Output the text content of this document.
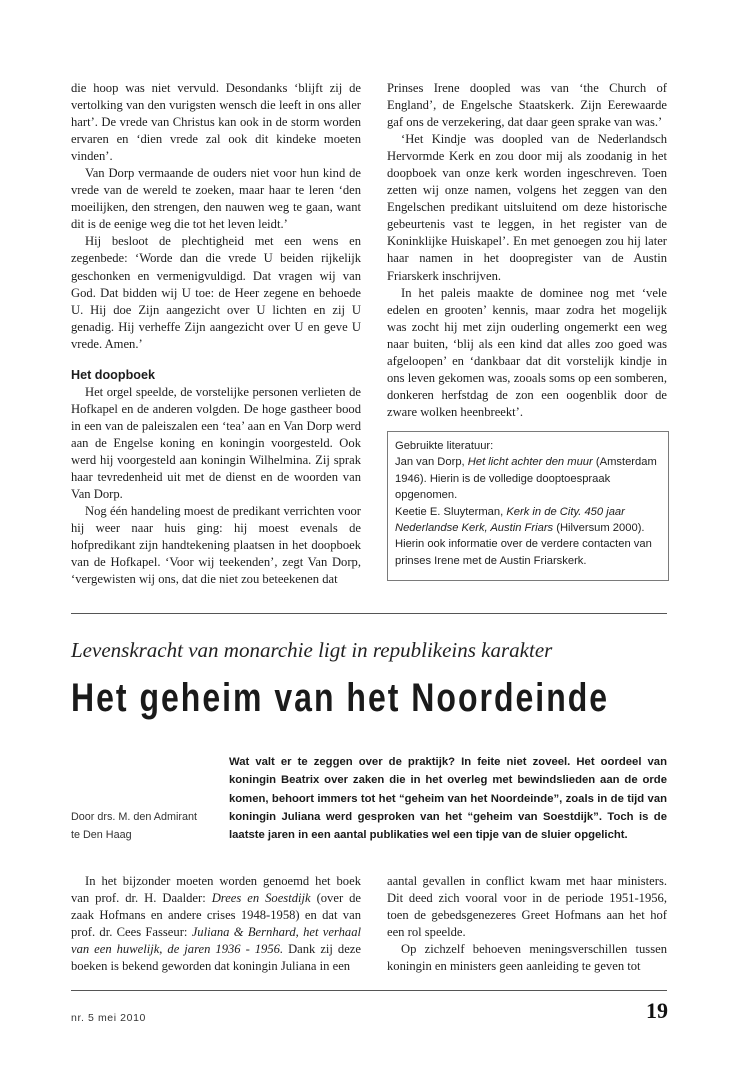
die hoop was niet vervuld. Desondanks ‘blijft zij de vertolking van den vurigsten wensch die leeft in ons aller hart’. De vrede van Christus kan ook in de storm worden ervaren en ‘dien vrede zal ook dit kindeke moeten vinden’.

Van Dorp vermaande de ouders niet voor hun kind de vrede van de wereld te zoeken, maar haar te leren ‘den moeilijken, den strengen, den nauwen weg te gaan, want dit is de eenige weg die tot het leven leidt.’

Hij besloot de plechtigheid met een wens en zegenbede: ‘Worde dan die vrede U beiden rijkelijk geschonken en vermenigvuldigd. Dat vragen wij van God. Dat bidden wij U toe: de Heer zegene en behoede U. Hij doe Zijn aangezicht over U lichten en zij U genadig. Hij verheffe Zijn aangezicht over U en geve U vrede. Amen.’

Het doopboek

Het orgel speelde, de vorstelijke personen verlieten de Hofkapel en de anderen volgden. De hoge gastheer bood in een van de paleiszalen een ‘tea’ aan en Van Dorp werd aan de Engelse koning en koningin voorgesteld. Ook werd hij voorgesteld aan koningin Wilhelmina. Zij sprak haar tevredenheid uit met de dienst en de woorden van Van Dorp.

Nog één handeling moest de predikant verrichten voor hij weer naar huis ging: hij moest evenals de hofpredikant zijn handtekening plaatsen in het doopboek van de Hofkapel. ‘Voor wij teekenden’, zegt Van Dorp, ‘vergewisten wij ons, dat die niet zou beteekenen dat

Prinses Irene doopled was van ‘the Church of England’, de Engelsche Staatskerk. Zijn Eerewaarde gaf ons de verzekering, dat daar geen sprake van was.’

‘Het Kindje was doopled van de Nederlandsch Hervormde Kerk en zou door mij als zoodanig in het doopboek van onze kerk worden ingeschreven. Toen zetten wij onze namen, volgens het zeggen van den Engelschen predikant uitsluitend om deze historische gebeurtenis vast te leggen, in het register van de Koninklijke Huiskapel’. En met genoegen zou hij later haar namen in het doopregister van de Austin Friarskerk inschrijven.

In het paleis maakte de dominee nog met ‘vele edelen en grooten’ kennis, maar zodra het mogelijk was zocht hij met zijn ouderling ongemerkt een weg naar buiten, ‘blij als een kind dat alles zoo goed was afgeloopen’ en ‘dankbaar dat dit vorstelijk kindje in ons leven gekomen was, zooals soms op een somberen, donkeren herfstdag de zon een oogenblik door de zware wolken heenbreekt’.

Gebruikte literatuur:

Jan van Dorp, Het licht achter den muur (Amsterdam 1946). Hierin is de volledige dooptoespraak opgenomen.

Keetie E. Sluyterman, Kerk in de City. 450 jaar Nederlandse Kerk, Austin Friars (Hilversum 2000). Hierin ook informatie over de verdere contacten van prinses Irene met de Austin Friarskerk.

Levenskracht van monarchie ligt in republikeins karakter
Het geheim van het Noordeinde
Door drs. M. den Admirant
te Den Haag
Wat valt er te zeggen over de praktijk? In feite niet zoveel. Het oordeel van koningin Beatrix over zaken die in het overleg met bewindslieden aan de orde komen, behoort immers tot het “geheim van het Noordeinde”, zoals in de tijd van koningin Juliana werd gesproken van het “geheim van Soestdijk”. Toch is de laatste jaren in een aantal publikaties wel een tipje van de sluier opgelicht.

In het bijzonder moeten worden genoemd het boek van prof. dr. H. Daalder: Drees en Soestdijk (over de zaak Hofmans en andere crises 1948-1958) en dat van prof. dr. Cees Fasseur: Juliana & Bernhard, het verhaal van een huwelijk, de jaren 1936 - 1956. Dank zij deze boeken is bekend geworden dat koningin Juliana in een

aantal gevallen in conflict kwam met haar ministers. Dit deed zich vooral voor in de periode 1951-1956, toen de gebedsgenezeres Greet Hofmans aan het hof een rol speelde.

Op zichzelf behoeven meningsverschillen tussen koningin en ministers geen aanleiding te geven tot

nr. 5 mei 2010	19
